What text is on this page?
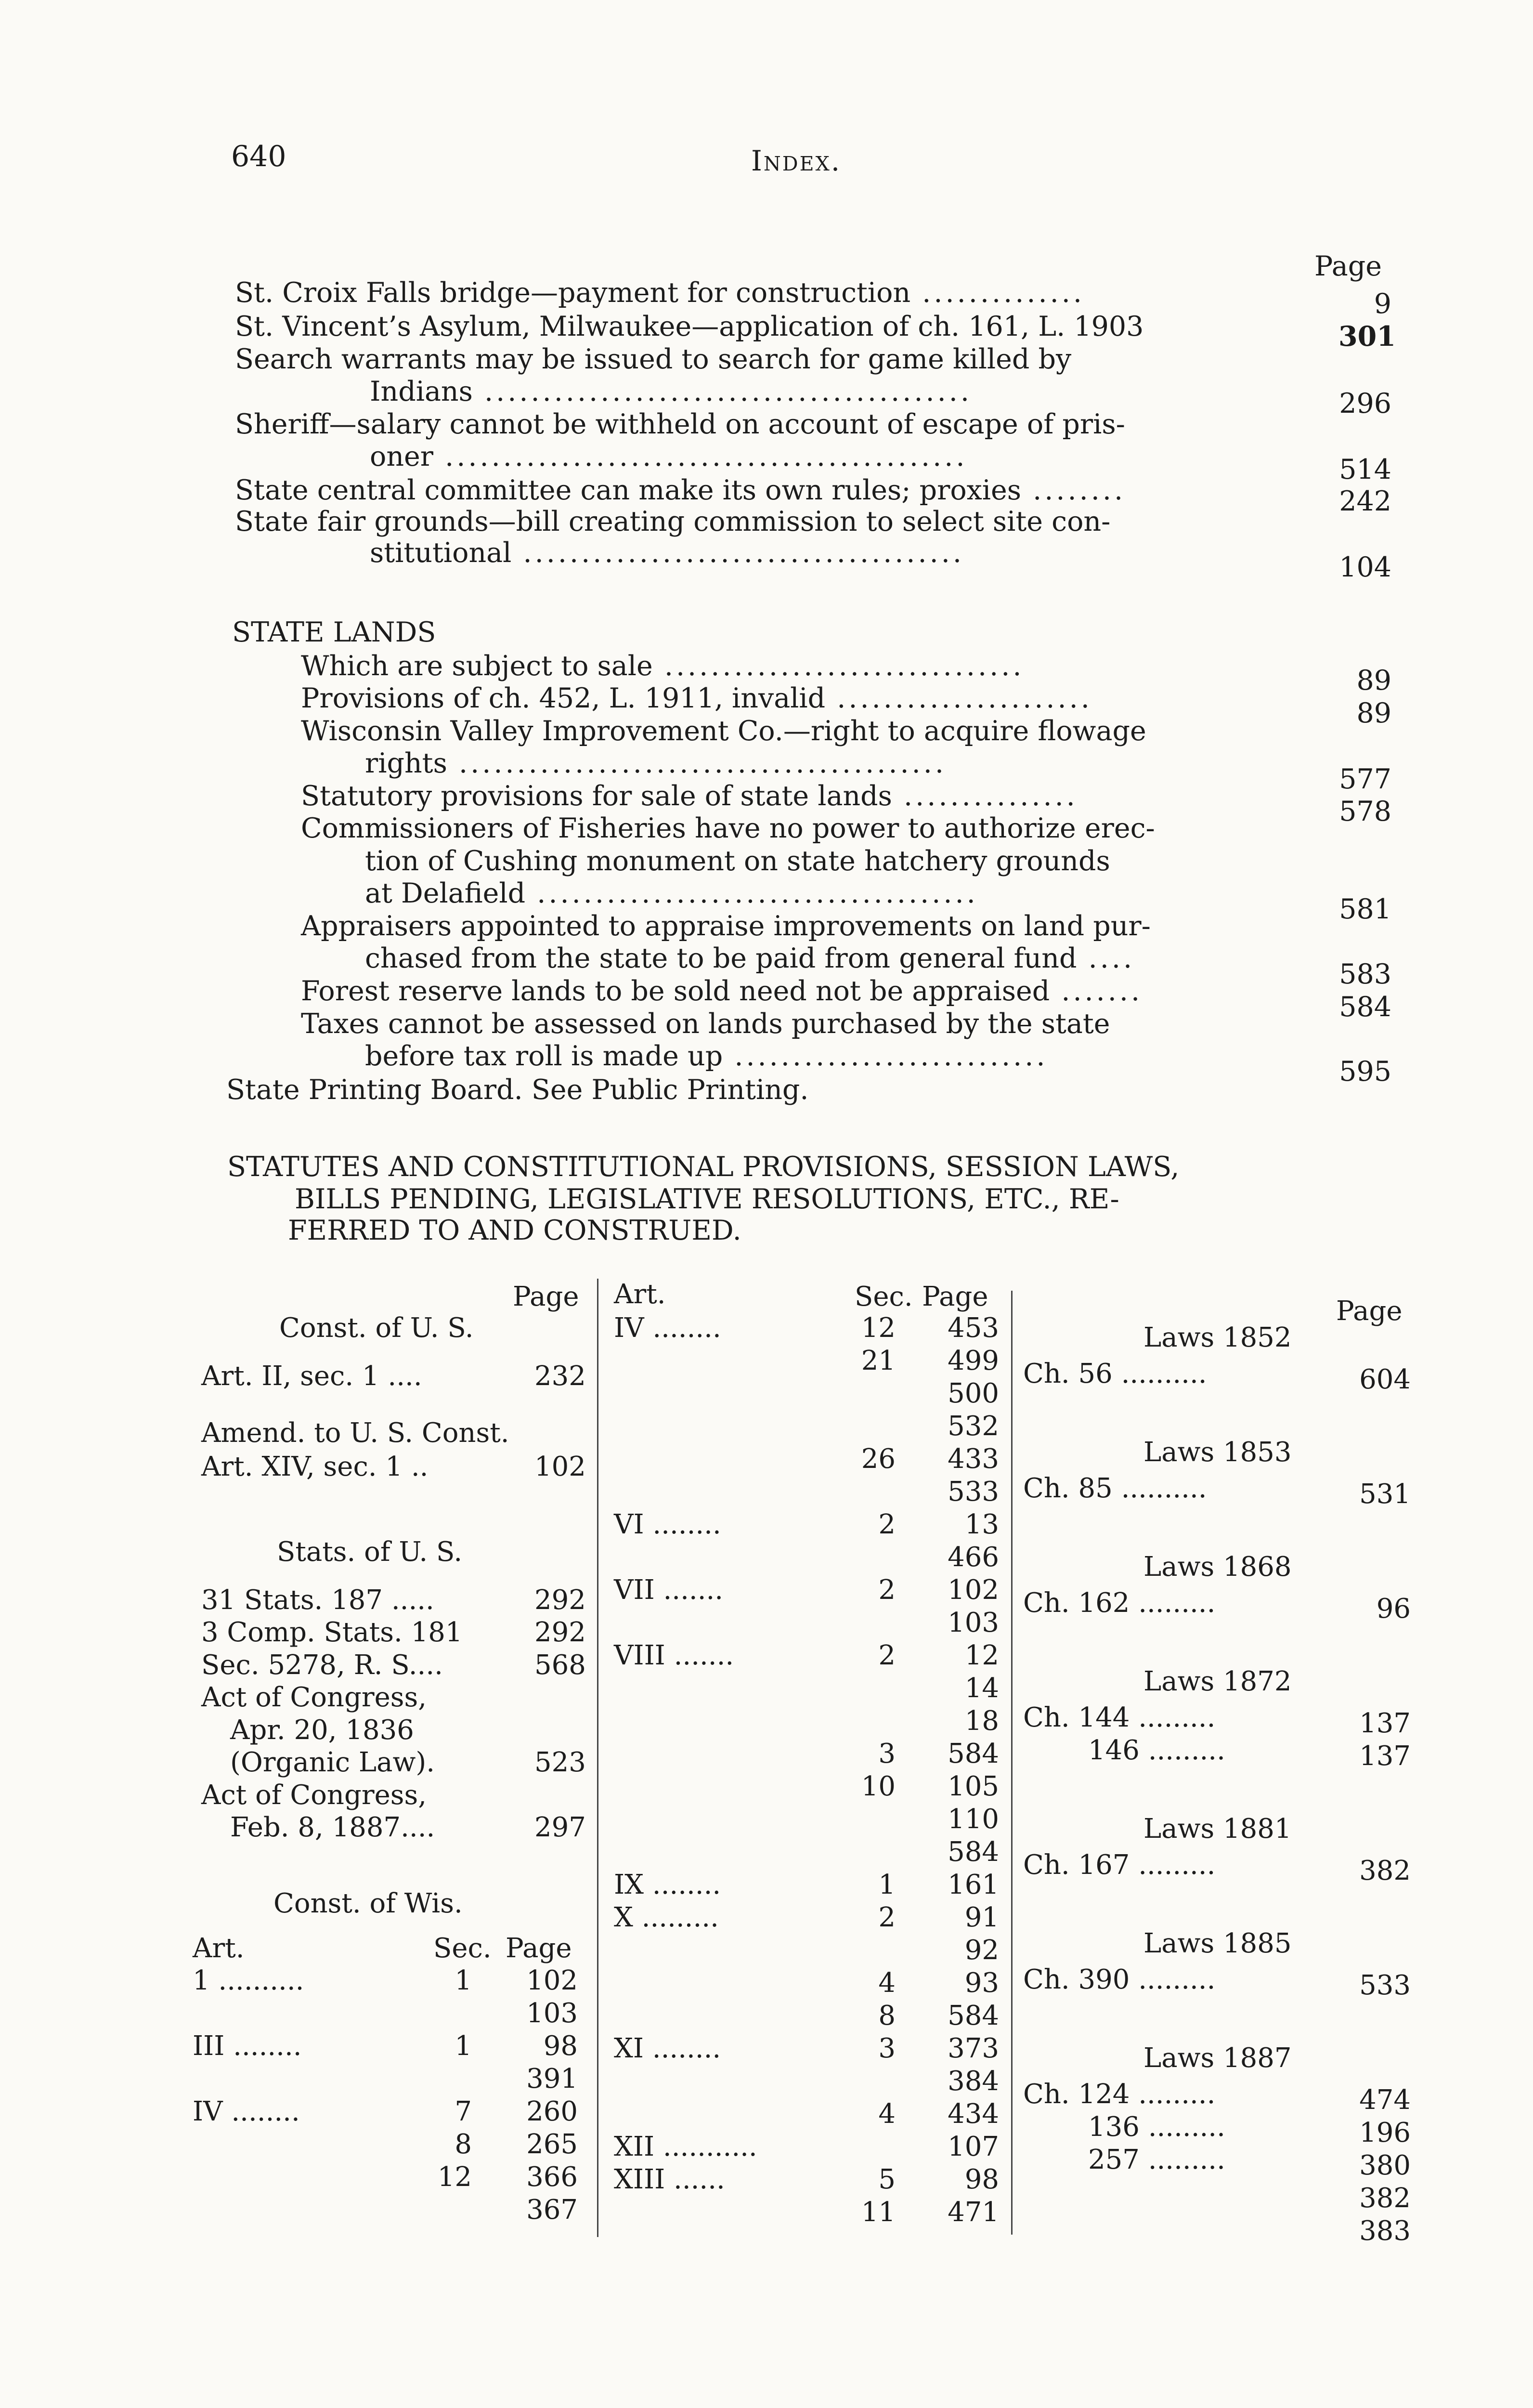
640	Index.
Page
St. Croix Falls bridge—payment for construction ..............	9
St. Vincent’s Asylum, Milwaukee—application of ch. 161, L. 1903	301
Search warrants may be issued to search for game killed by
Indians ..........................................	296
Sheriff—salary cannot be withheld on account of escape of pris-
oner .............................................	514
State central committee can make its own rules; proxies ........	242
State fair grounds—bill creating commission to select site con-
stitutional ......................................	104
STATE LANDS
Which are subject to sale ...............................	89
Provisions of ch. 452, L. 1911, invalid ......................	89
Wisconsin Valley Improvement Co.—right to acquire flowage
rights ..........................................	577
Statutory provisions for sale of state lands ...............	578
Commissioners of Fisheries have no power to authorize erec-
tion of Cushing monument on state hatchery grounds
at Delafield ......................................	581
Appraisers appointed to appraise improvements on land pur-
chased from the state to be paid from general fund ....	583
Forest reserve lands to be sold need not be appraised .......	584
Taxes cannot be assessed on lands purchased by the state
before tax roll is made up ...........................	595
State Printing Board. See Public Printing.
STATUTES AND CONSTITUTIONAL PROVISIONS, SESSION LAWS,
BILLS PENDING, LEGISLATIVE RESOLUTIONS, ETC., RE-
FERRED TO AND CONSTRUED.
Page
Const. of U. S.
Art. II, sec. 1 ....	232
Amend. to U. S. Const.
Art. XIV, sec. 1 ..	102
Stats. of U. S.
31 Stats. 187 .....	292
3 Comp. Stats. 181	292
Sec. 5278, R. S....	568
Act of Congress,
Apr. 20, 1836
(Organic Law).	523
Act of Congress,
Feb. 8, 1887....	297
Const. of Wis.
Art.	Sec. Page
1 ..........	1 102
103
III ........	1	98
391
IV ........	7 260
8 265
12 366
367
Art.	Sec. Page
IV ........	12 453
21 499
500
532
26 433
533
VI ........	2	13
466
VII .......	2 102
103
VIII .......	2	12
14
18
3 584
10 105
110
584
IX ........	1 161
X .........	2	91
92
4	93
8 584
XI ........	3 373
384
4 434
XII ...........	107
XIII ......	5	98
11 471
Page
Laws 1852
Ch. 56 ..........	604
Laws 1853
Ch. 85 ..........	531
Laws 1868
Ch. 162 .........	96
Laws 1872
Ch. 144 .........	137
146 .........	137
Laws 1881
Ch. 167 .........	382
Laws 1885
Ch. 390 .........	533
Laws 1887
Ch. 124 .........	474
136 .........	196
257 .........	380
382
383
